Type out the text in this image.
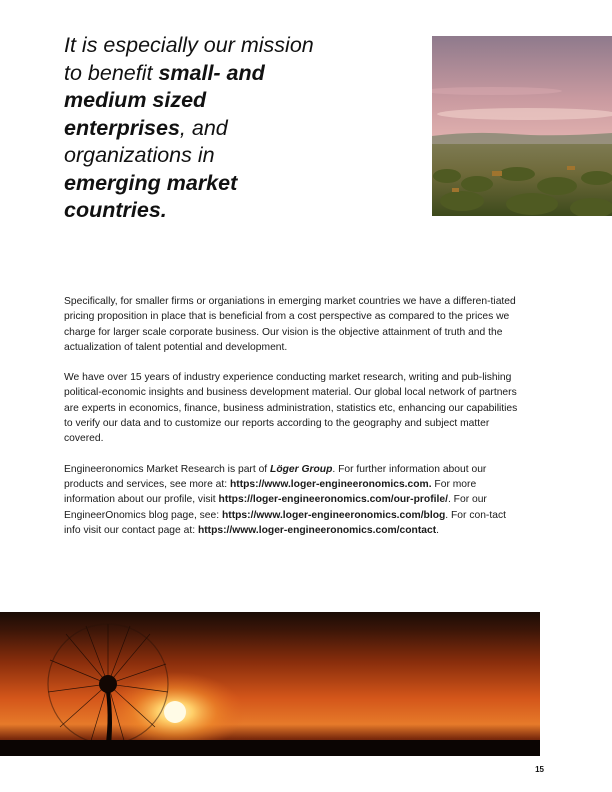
It is especially our mission
to benefit small- and
medium sized
enterprises, and
organizations in
emerging market
countries.

Specifically, for smaller firms or organiations in emerging market countries we have a differen-tiated pricing proposition in place that is beneficial from a cost perspective as compared to the prices we charge for larger scale corporate business. Our vision is the objective attainment of truth and the actualization of talent potential and development.

We have over 15 years of industry experience conducting market research, writing and pub-lishing political-economic insights and business development material. Our global local network of partners are experts in economics, finance, business administration, statistics etc, enhancing our capabilities to verify our data and to customize our reports according to the geography and subject matter covered.

Engineeronomics Market Research is part of Löger Group. For further information about our products and services, see more at: https://www.loger-engineeronomics.com. For more information about our profile, visit https://loger-engineeronomics.com/our-profile/. For our EngineerOnomics blog page, see: https://www.loger-engineeronomics.com/blog. For con-tact info visit our contact page at: https://www.loger-engineeronomics.com/contact.

15
